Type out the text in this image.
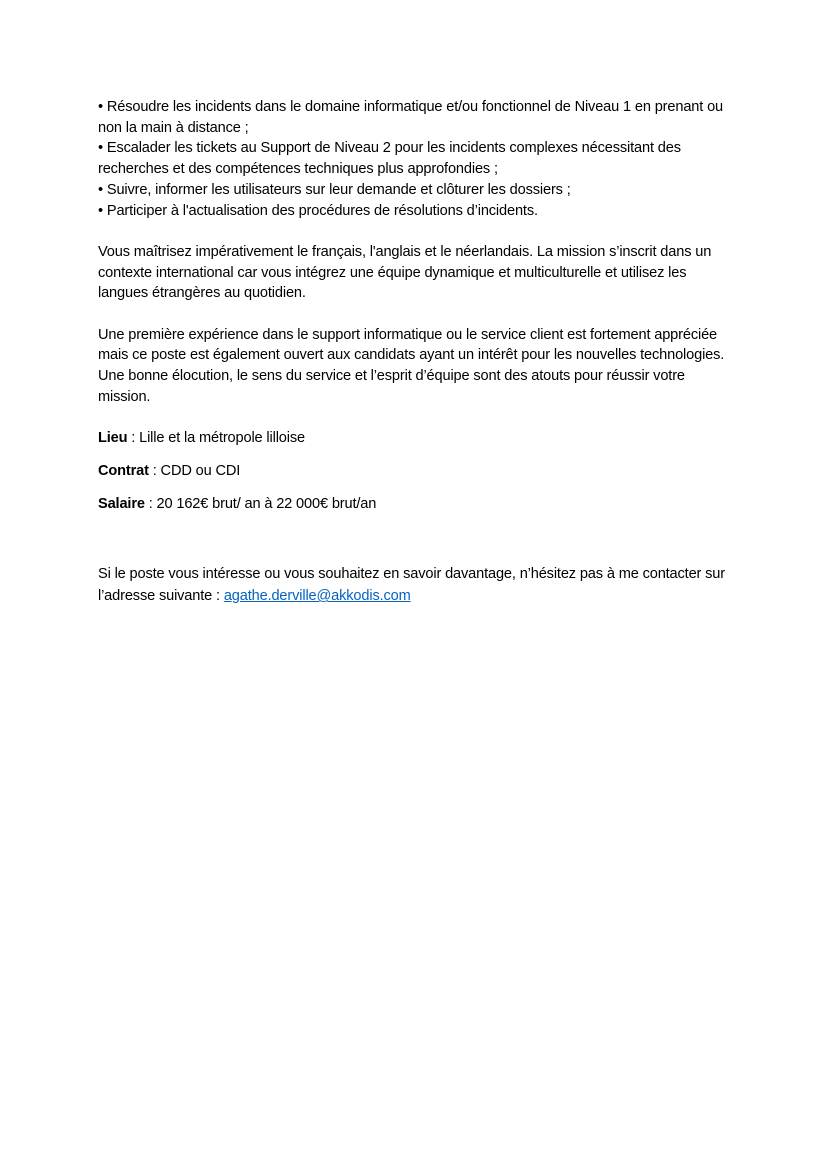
• Résoudre les incidents dans le domaine informatique et/ou fonctionnel de Niveau 1 en prenant ou non la main à distance ;
• Escalader les tickets au Support de Niveau 2 pour les incidents complexes nécessitant des recherches et des compétences techniques plus approfondies ;
• Suivre, informer les utilisateurs sur leur demande et clôturer les dossiers ;
• Participer à l'actualisation des procédures de résolutions d’incidents.

Vous maîtrisez impérativement le français, l'anglais et le néerlandais. La mission s’inscrit dans un contexte international car vous intégrez une équipe dynamique et multiculturelle et utilisez les langues étrangères au quotidien.

Une première expérience dans le support informatique ou le service client est fortement appréciée mais ce poste est également ouvert aux candidats ayant un intérêt pour les nouvelles technologies. Une bonne élocution, le sens du service et l’esprit d’équipe sont des atouts pour réussir votre mission.

Lieu : Lille et la métropole lilloise

Contrat : CDD ou CDI

Salaire : 20 162€ brut/ an à 22 000€ brut/an

Si le poste vous intéresse ou vous souhaitez en savoir davantage, n’hésitez pas à me contacter sur l’adresse suivante : agathe.derville@akkodis.com
